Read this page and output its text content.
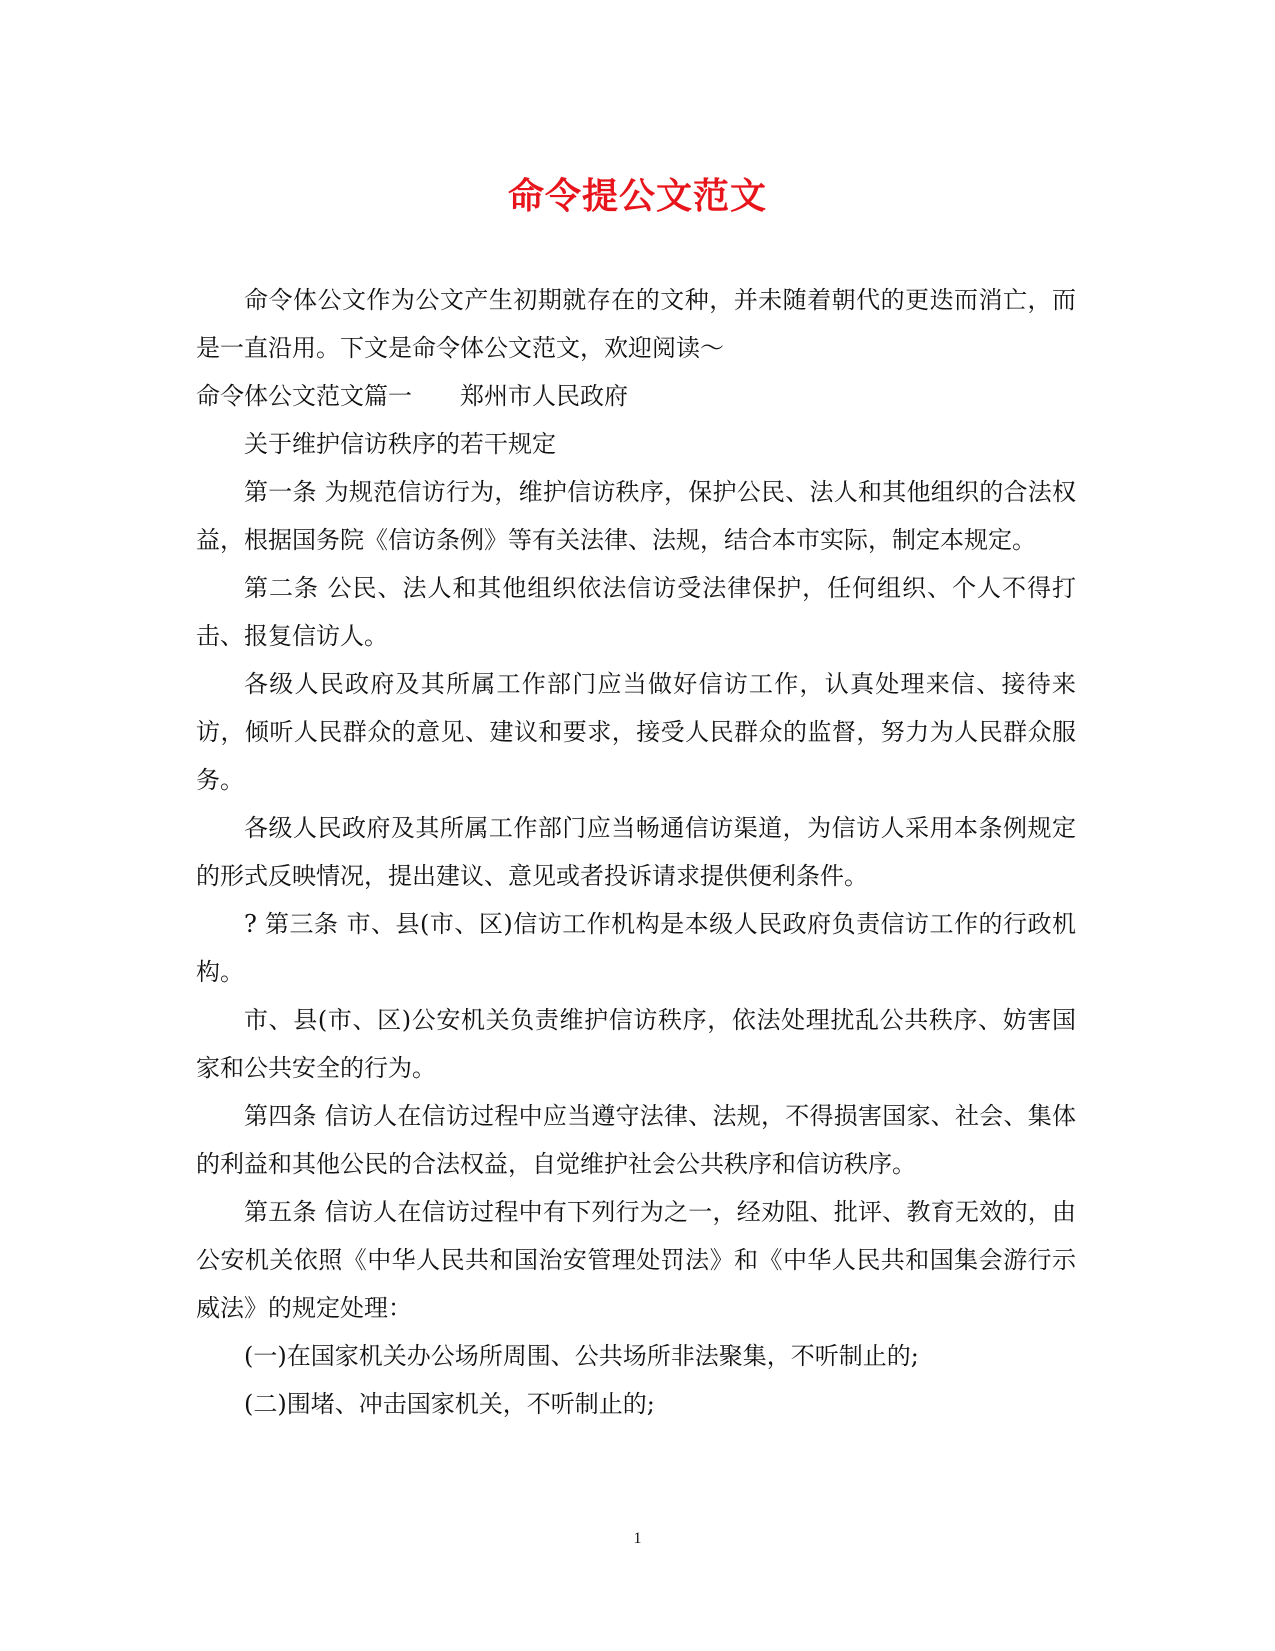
命令提公文范文

命令体公文作为公文产生初期就存在的文种，并未随着朝代的更迭而消亡，而是一直沿用。下文是命令体公文范文，欢迎阅读～

命令体公文范文篇一 郑州市人民政府

关于维护信访秩序的若干规定

第一条 为规范信访行为，维护信访秩序，保护公民、法人和其他组织的合法权益，根据国务院《信访条例》等有关法律、法规，结合本市实际，制定本规定。

第二条 公民、法人和其他组织依法信访受法律保护，任何组织、个人不得打击、报复信访人。

各级人民政府及其所属工作部门应当做好信访工作，认真处理来信、接待来访，倾听人民群众的意见、建议和要求，接受人民群众的监督，努力为人民群众服务。

各级人民政府及其所属工作部门应当畅通信访渠道，为信访人采用本条例规定的形式反映情况，提出建议、意见或者投诉请求提供便利条件。

? 第三条 市、县(市、区)信访工作机构是本级人民政府负责信访工作的行政机构。

市、县(市、区)公安机关负责维护信访秩序，依法处理扰乱公共秩序、妨害国家和公共安全的行为。

第四条 信访人在信访过程中应当遵守法律、法规，不得损害国家、社会、集体的利益和其他公民的合法权益，自觉维护社会公共秩序和信访秩序。

第五条 信访人在信访过程中有下列行为之一，经劝阻、批评、教育无效的，由公安机关依照《中华人民共和国治安管理处罚法》和《中华人民共和国集会游行示威法》的规定处理：

(一)在国家机关办公场所周围、公共场所非法聚集，不听制止的;

(二)围堵、冲击国家机关，不听制止的;

1
